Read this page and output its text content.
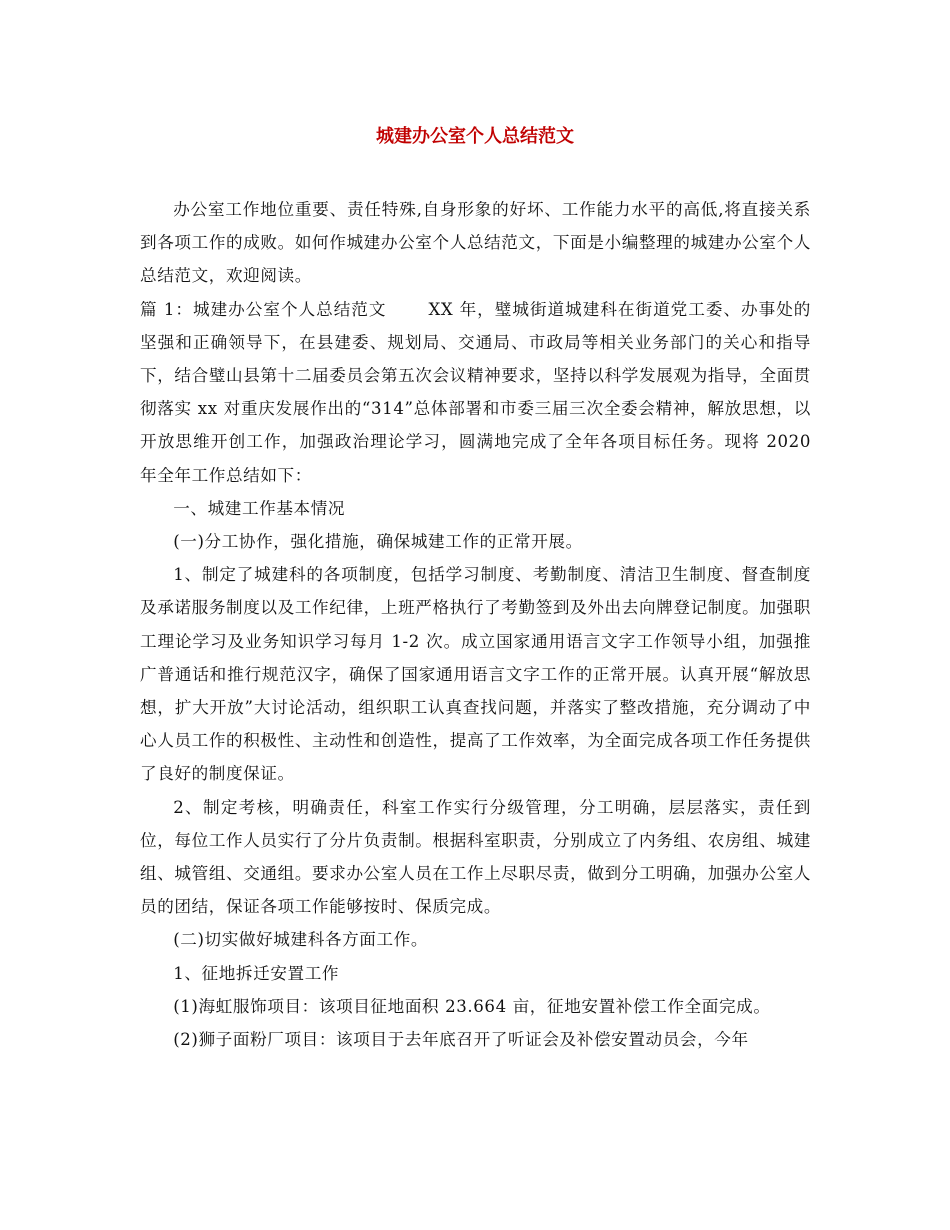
城建办公室个人总结范文

办公室工作地位重要、责任特殊,自身形象的好坏、工作能力水平的高低,将直接关系到各项工作的成败。如何作城建办公室个人总结范文，下面是小编整理的城建办公室个人总结范文，欢迎阅读。

篇 1：城建办公室个人总结范文	XX 年，璧城街道城建科在街道党工委、办事处的坚强和正确领导下，在县建委、规划局、交通局、市政局等相关业务部门的关心和指导下，结合璧山县第十二届委员会第五次会议精神要求，坚持以科学发展观为指导，全面贯彻落实 xx 对重庆发展作出的“314”总体部署和市委三届三次全委会精神，解放思想，以开放思维开创工作，加强政治理论学习，圆满地完成了全年各项目标任务。现将 2020 年全年工作总结如下：

一、城建工作基本情况

(一)分工协作，强化措施，确保城建工作的正常开展。

1、制定了城建科的各项制度，包括学习制度、考勤制度、清洁卫生制度、督查制度及承诺服务制度以及工作纪律，上班严格执行了考勤签到及外出去向牌登记制度。加强职工理论学习及业务知识学习每月 1-2 次。成立国家通用语言文字工作领导小组，加强推广普通话和推行规范汉字，确保了国家通用语言文字工作的正常开展。认真开展“解放思想，扩大开放”大讨论活动，组织职工认真查找问题，并落实了整改措施，充分调动了中心人员工作的积极性、主动性和创造性，提高了工作效率，为全面完成各项工作任务提供了良好的制度保证。

2、制定考核，明确责任，科室工作实行分级管理，分工明确，层层落实，责任到位，每位工作人员实行了分片负责制。根据科室职责，分别成立了内务组、农房组、城建组、城管组、交通组。要求办公室人员在工作上尽职尽责，做到分工明确，加强办公室人员的团结，保证各项工作能够按时、保质完成。

(二)切实做好城建科各方面工作。

1、征地拆迁安置工作

(1)海虹服饰项目：该项目征地面积 23.664 亩，征地安置补偿工作全面完成。

(2)狮子面粉厂项目：该项目于去年底召开了听证会及补偿安置动员会，今年
